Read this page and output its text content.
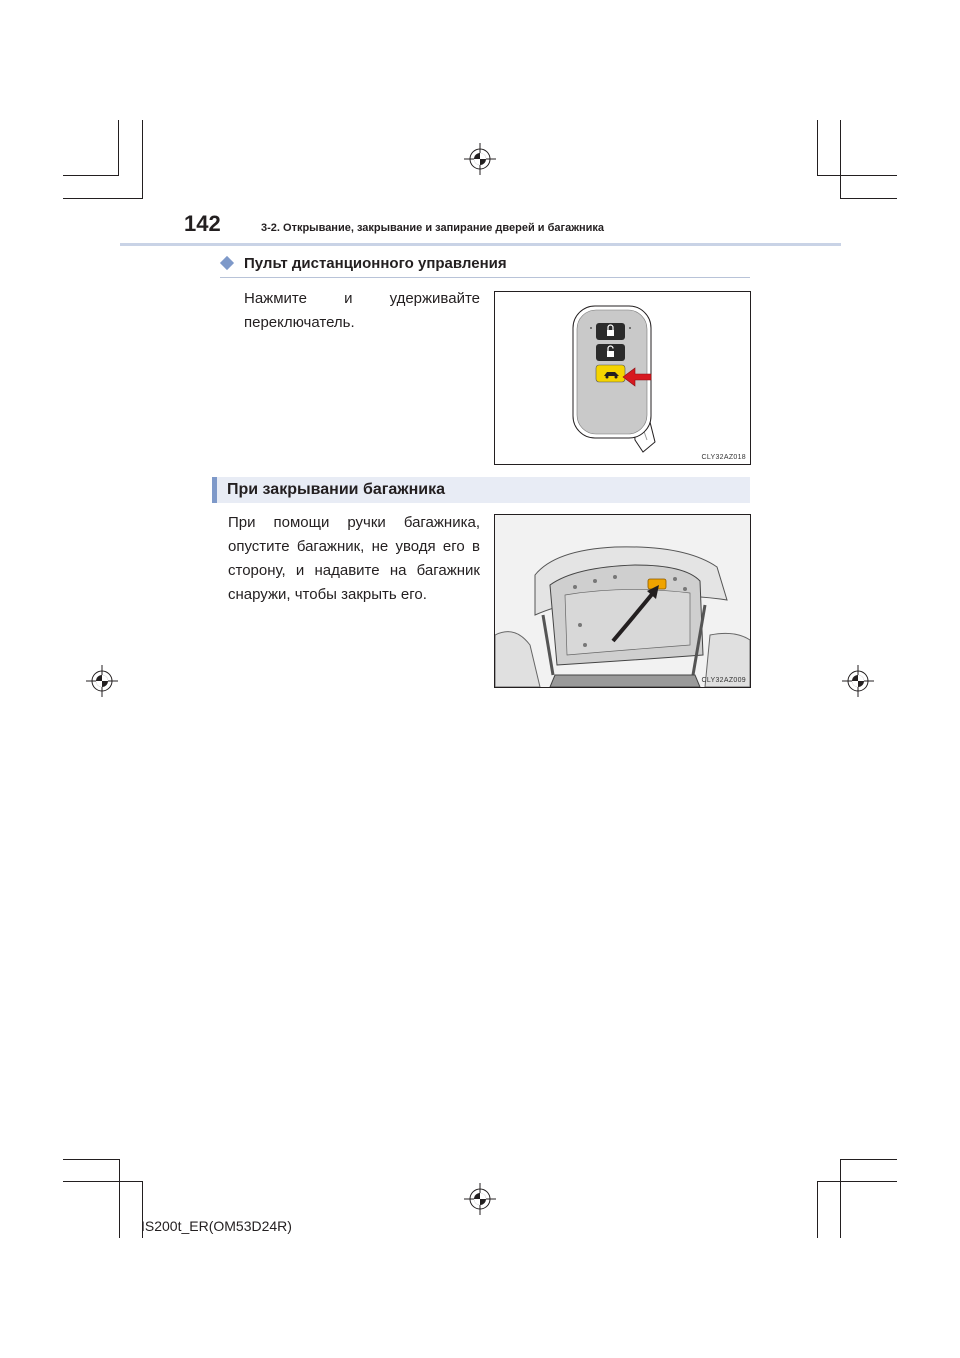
142	3-2. Открывание, закрывание и запирание дверей и багажника
Пульт дистанционного управления
Нажмите и удерживайте переключатель.
CLY32AZ018
При закрывании багажника
При помощи ручки багажника, опустите багажник, не уводя его в сторону, и надавите на багажник снаружи, чтобы закрыть его.
CLY32AZ009
IS200t_ER(OM53D24R)
